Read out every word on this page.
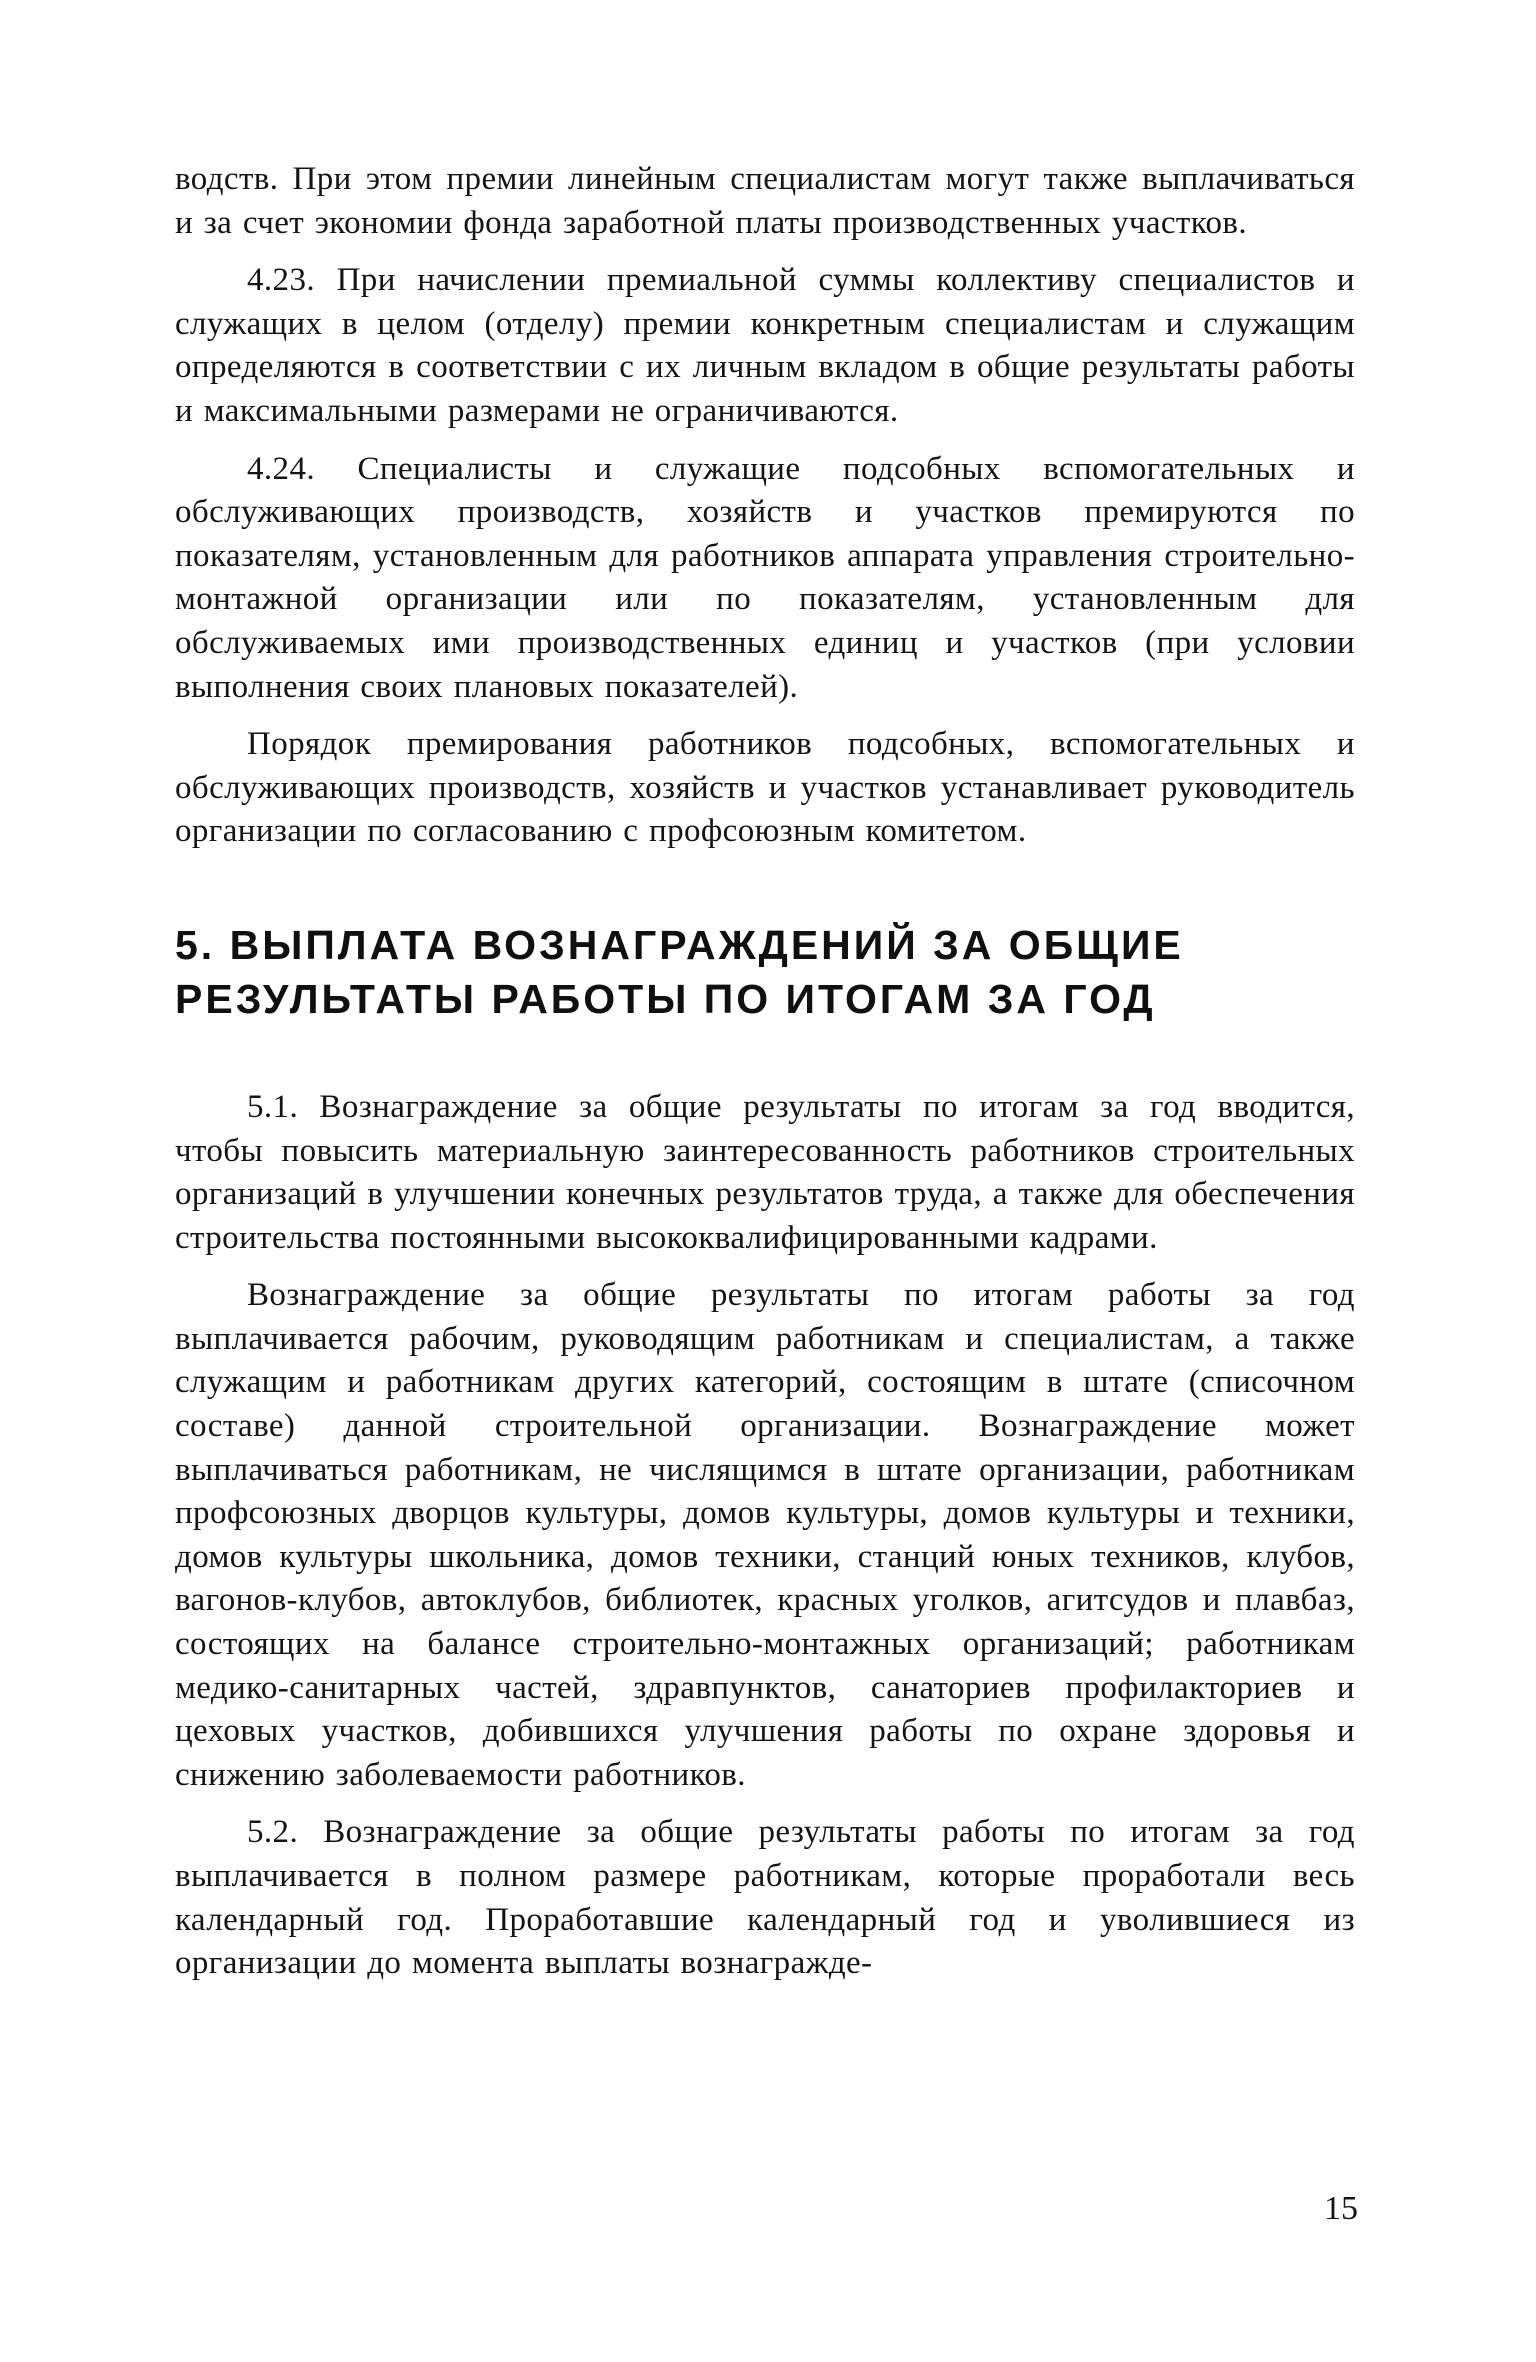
водств. При этом премии линейным специалистам могут также выплачиваться и за счет экономии фонда заработной платы производственных участков.

4.23. При начислении премиальной суммы коллективу специалистов и служащих в целом (отделу) премии конкретным специалистам и служащим определяются в соответствии с их личным вкладом в общие результаты работы и максимальными размерами не ограничиваются.

4.24. Специалисты и служащие подсобных вспомогательных и обслуживающих производств, хозяйств и участков премируются по показателям, установленным для работников аппарата управления строительно-монтажной организации или по показателям, установленным для обслуживаемых ими производственных единиц и участков (при условии выполнения своих плановых показателей).

Порядок премирования работников подсобных, вспомогательных и обслуживающих производств, хозяйств и участков устанавливает руководитель организации по согласованию с профсоюзным комитетом.

5. ВЫПЛАТА ВОЗНАГРАЖДЕНИЙ ЗА ОБЩИЕ
РЕЗУЛЬТАТЫ РАБОТЫ ПО ИТОГАМ ЗА ГОД

5.1. Вознаграждение за общие результаты по итогам за год вводится, чтобы повысить материальную заинтересованность работников строительных организаций в улучшении конечных результатов труда, а также для обеспечения строительства постоянными высококвалифицированными кадрами.

Вознаграждение за общие результаты по итогам работы за год выплачивается рабочим, руководящим работникам и специалистам, а также служащим и работникам других категорий, состоящим в штате (списочном составе) данной строительной организации. Вознаграждение может выплачиваться работникам, не числящимся в штате организации, работникам профсоюзных дворцов культуры, домов культуры, домов культуры и техники, домов культуры школьника, домов техники, станций юных техников, клубов, вагонов-клубов, автоклубов, библиотек, красных уголков, агитсудов и плавбаз, состоящих на балансе строительно-монтажных организаций; работникам медико-санитарных частей, здравпунктов, санаториев профилакториев и цеховых участков, добившихся улучшения работы по охране здоровья и снижению заболеваемости работников.

5.2. Вознаграждение за общие результаты работы по итогам за год выплачивается в полном размере работникам, которые проработали весь календарный год. Проработавшие календарный год и уволившиеся из организации до момента выплаты вознагражде-

15
